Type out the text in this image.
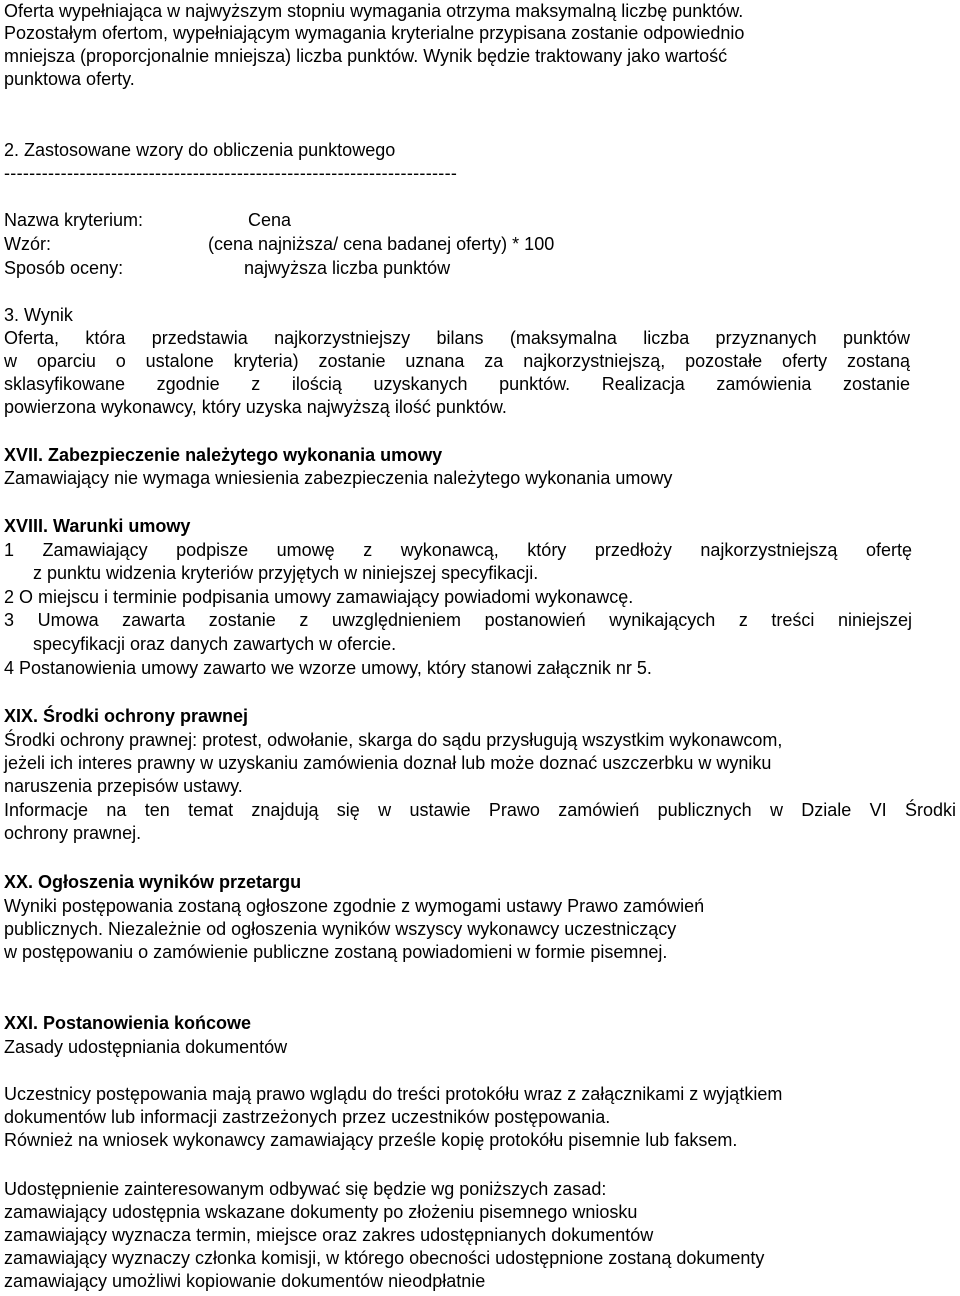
Oferta wypełniająca w najwyższym stopniu wymagania otrzyma maksymalną liczbę punktów.
Pozostałym ofertom, wypełniającym wymagania kryterialne przypisana zostanie odpowiednio
mniejsza (proporcjonalnie mniejsza) liczba punktów. Wynik będzie traktowany jako wartość
punktowa oferty.
2. Zastosowane wzory do obliczenia punktowego
------------------------------------------------------------------------
Nazwa kryterium:	Cena
Wzór:	(cena najniższa/ cena badanej oferty) * 100
Sposób oceny:	najwyższa liczba punktów
3. Wynik
Oferta, która przedstawia najkorzystniejszy bilans (maksymalna liczba przyznanych punktów
w oparciu o ustalone kryteria) zostanie uznana za najkorzystniejszą, pozostałe oferty zostaną
sklasyfikowane zgodnie z ilością uzyskanych punktów. Realizacja zamówienia zostanie
powierzona wykonawcy, który uzyska najwyższą ilość punktów.
XVII. Zabezpieczenie należytego wykonania umowy
Zamawiający nie wymaga wniesienia zabezpieczenia należytego wykonania umowy
XVIII. Warunki umowy
1 Zamawiający podpisze umowę z wykonawcą, który przedłoży najkorzystniejszą ofertę
z punktu widzenia kryteriów przyjętych w niniejszej specyfikacji.
2 O miejscu i terminie podpisania umowy zamawiający powiadomi wykonawcę.
3 Umowa zawarta zostanie z uwzględnieniem postanowień wynikających z treści niniejszej
specyfikacji oraz danych zawartych w ofercie.
4 Postanowienia umowy zawarto we wzorze umowy, który stanowi załącznik nr 5.
XIX. Środki ochrony prawnej
Środki ochrony prawnej: protest, odwołanie, skarga do sądu przysługują wszystkim wykonawcom,
jeżeli ich interes prawny w uzyskaniu zamówienia doznał lub może doznać uszczerbku w wyniku
naruszenia przepisów ustawy.
Informacje na ten temat znajdują się w ustawie Prawo zamówień publicznych w Dziale VI Środki
ochrony prawnej.
XX. Ogłoszenia wyników przetargu
Wyniki postępowania zostaną ogłoszone zgodnie z wymogami ustawy Prawo zamówień
publicznych. Niezależnie od ogłoszenia wyników wszyscy wykonawcy uczestniczący
w postępowaniu o zamówienie publiczne zostaną powiadomieni w formie pisemnej.
XXI. Postanowienia końcowe
Zasady udostępniania dokumentów
Uczestnicy postępowania mają prawo wglądu do treści protokółu wraz z załącznikami z wyjątkiem
dokumentów lub informacji zastrzeżonych przez uczestników postępowania.
Również na wniosek wykonawcy zamawiający prześle kopię protokółu pisemnie lub faksem.
Udostępnienie zainteresowanym odbywać się będzie wg poniższych zasad:
zamawiający udostępnia wskazane dokumenty po złożeniu pisemnego wniosku
zamawiający wyznacza termin, miejsce oraz zakres udostępnianych dokumentów
zamawiający wyznaczy członka komisji, w którego obecności udostępnione zostaną dokumenty
zamawiający umożliwi kopiowanie dokumentów nieodpłatnie
